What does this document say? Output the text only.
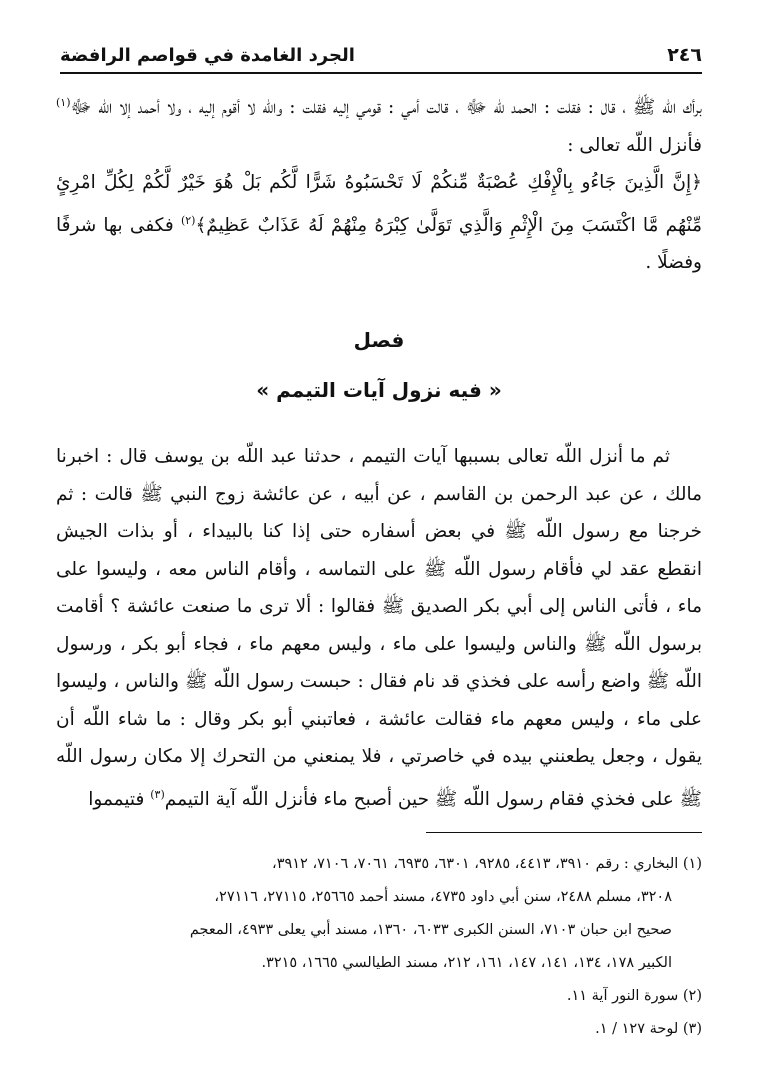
٢٤٦
الجرد الغامدة في قواصم الرافضة
برأك اللّه ﷺ ، قال : فقلت : الحمد للّه ﷻ ، قالت أمي : قومي إليه فقلت : واللّه لا أقوم إليه ، ولا أحمد إلا اللّه ﷻ$^{(١)}$ فأنزل اللّه تعالى :
﴿إِنَّ الَّذِينَ جَاءُو بِالْإِفْكِ عُصْبَةٌ مِّنكُمْ لَا تَحْسَبُوهُ شَرًّا لَّكُم بَلْ هُوَ خَيْرٌ لَّكُمْ لِكُلِّ امْرِئٍ مِّنْهُم مَّا اكْتَسَبَ مِنَ الْإِثْمِ وَالَّذِي تَوَلَّىٰ كِبْرَهُ مِنْهُمْ لَهُ عَذَابٌ عَظِيمٌ﴾$^{(٢)}$ فكفى بها شرفًا وفضلًا .
فصل
« فيه نزول آيات التيمم »
ثم ما أنزل اللّه تعالى بسببها آيات التيمم ، حدثنا عبد اللّه بن يوسف قال : اخبرنا مالك ، عن عبد الرحمن بن القاسم ، عن أبيه ، عن عائشة زوج النبي ﷺ قالت : ثم خرجنا مع رسول اللّه ﷺ في بعض أسفاره حتى إذا كنا بالبيداء ، أو بذات الجيش انقطع عقد لي فأقام رسول اللّه ﷺ على التماسه ، وأقام الناس معه ، وليسوا على ماء ، فأتى الناس إلى أبي بكر الصديق ﷺ فقالوا : ألا ترى ما صنعت عائشة ؟ أقامت برسول اللّه ﷺ والناس وليسوا على ماء ، وليس معهم ماء ، فجاء أبو بكر ، ورسول اللّه ﷺ واضع رأسه على فخذي قد نام فقال : حبست رسول اللّه ﷺ والناس ، وليسوا على ماء ، وليس معهم ماء فقالت عائشة ، فعاتبني أبو بكر وقال : ما شاء اللّه أن يقول ، وجعل يطعنني بيده في خاصرتي ، فلا يمنعني من التحرك إلا مكان رسول اللّه ﷺ على فخذي فقام رسول اللّه ﷺ حين أصبح ماء فأنزل اللّه آية التيمم$^{(٣)}$ فتيمموا

(١) البخاري : رقم ٣٩١٠، ٤٤١٣، ٩٢٨٥، ٦٣٠١، ٦٩٣٥، ٧٠٦١، ٧١٠٦، ٣٩١٢،

٣٢٠٨، مسلم ٢٤٨٨، سنن أبي داود ٤٧٣٥، مسند أحمد ٢٥٦٦٥، ٢٧١١٥، ٢٧١١٦،

صحيح ابن حبان ٧١٠٣، السنن الكبرى ٦٠٣٣، ١٣٦٠، مسند أبي يعلى ٤٩٣٣، المعجم

الكبير ١٧٨، ١٣٤، ١٤١، ١٤٧، ١٦١، ٢١٢، مسند الطيالسي ١٦٦٥، ٣٢١٥.

(٢) سورة النور آية ١١.

(٣) لوحة ١٢٧ / ١.
